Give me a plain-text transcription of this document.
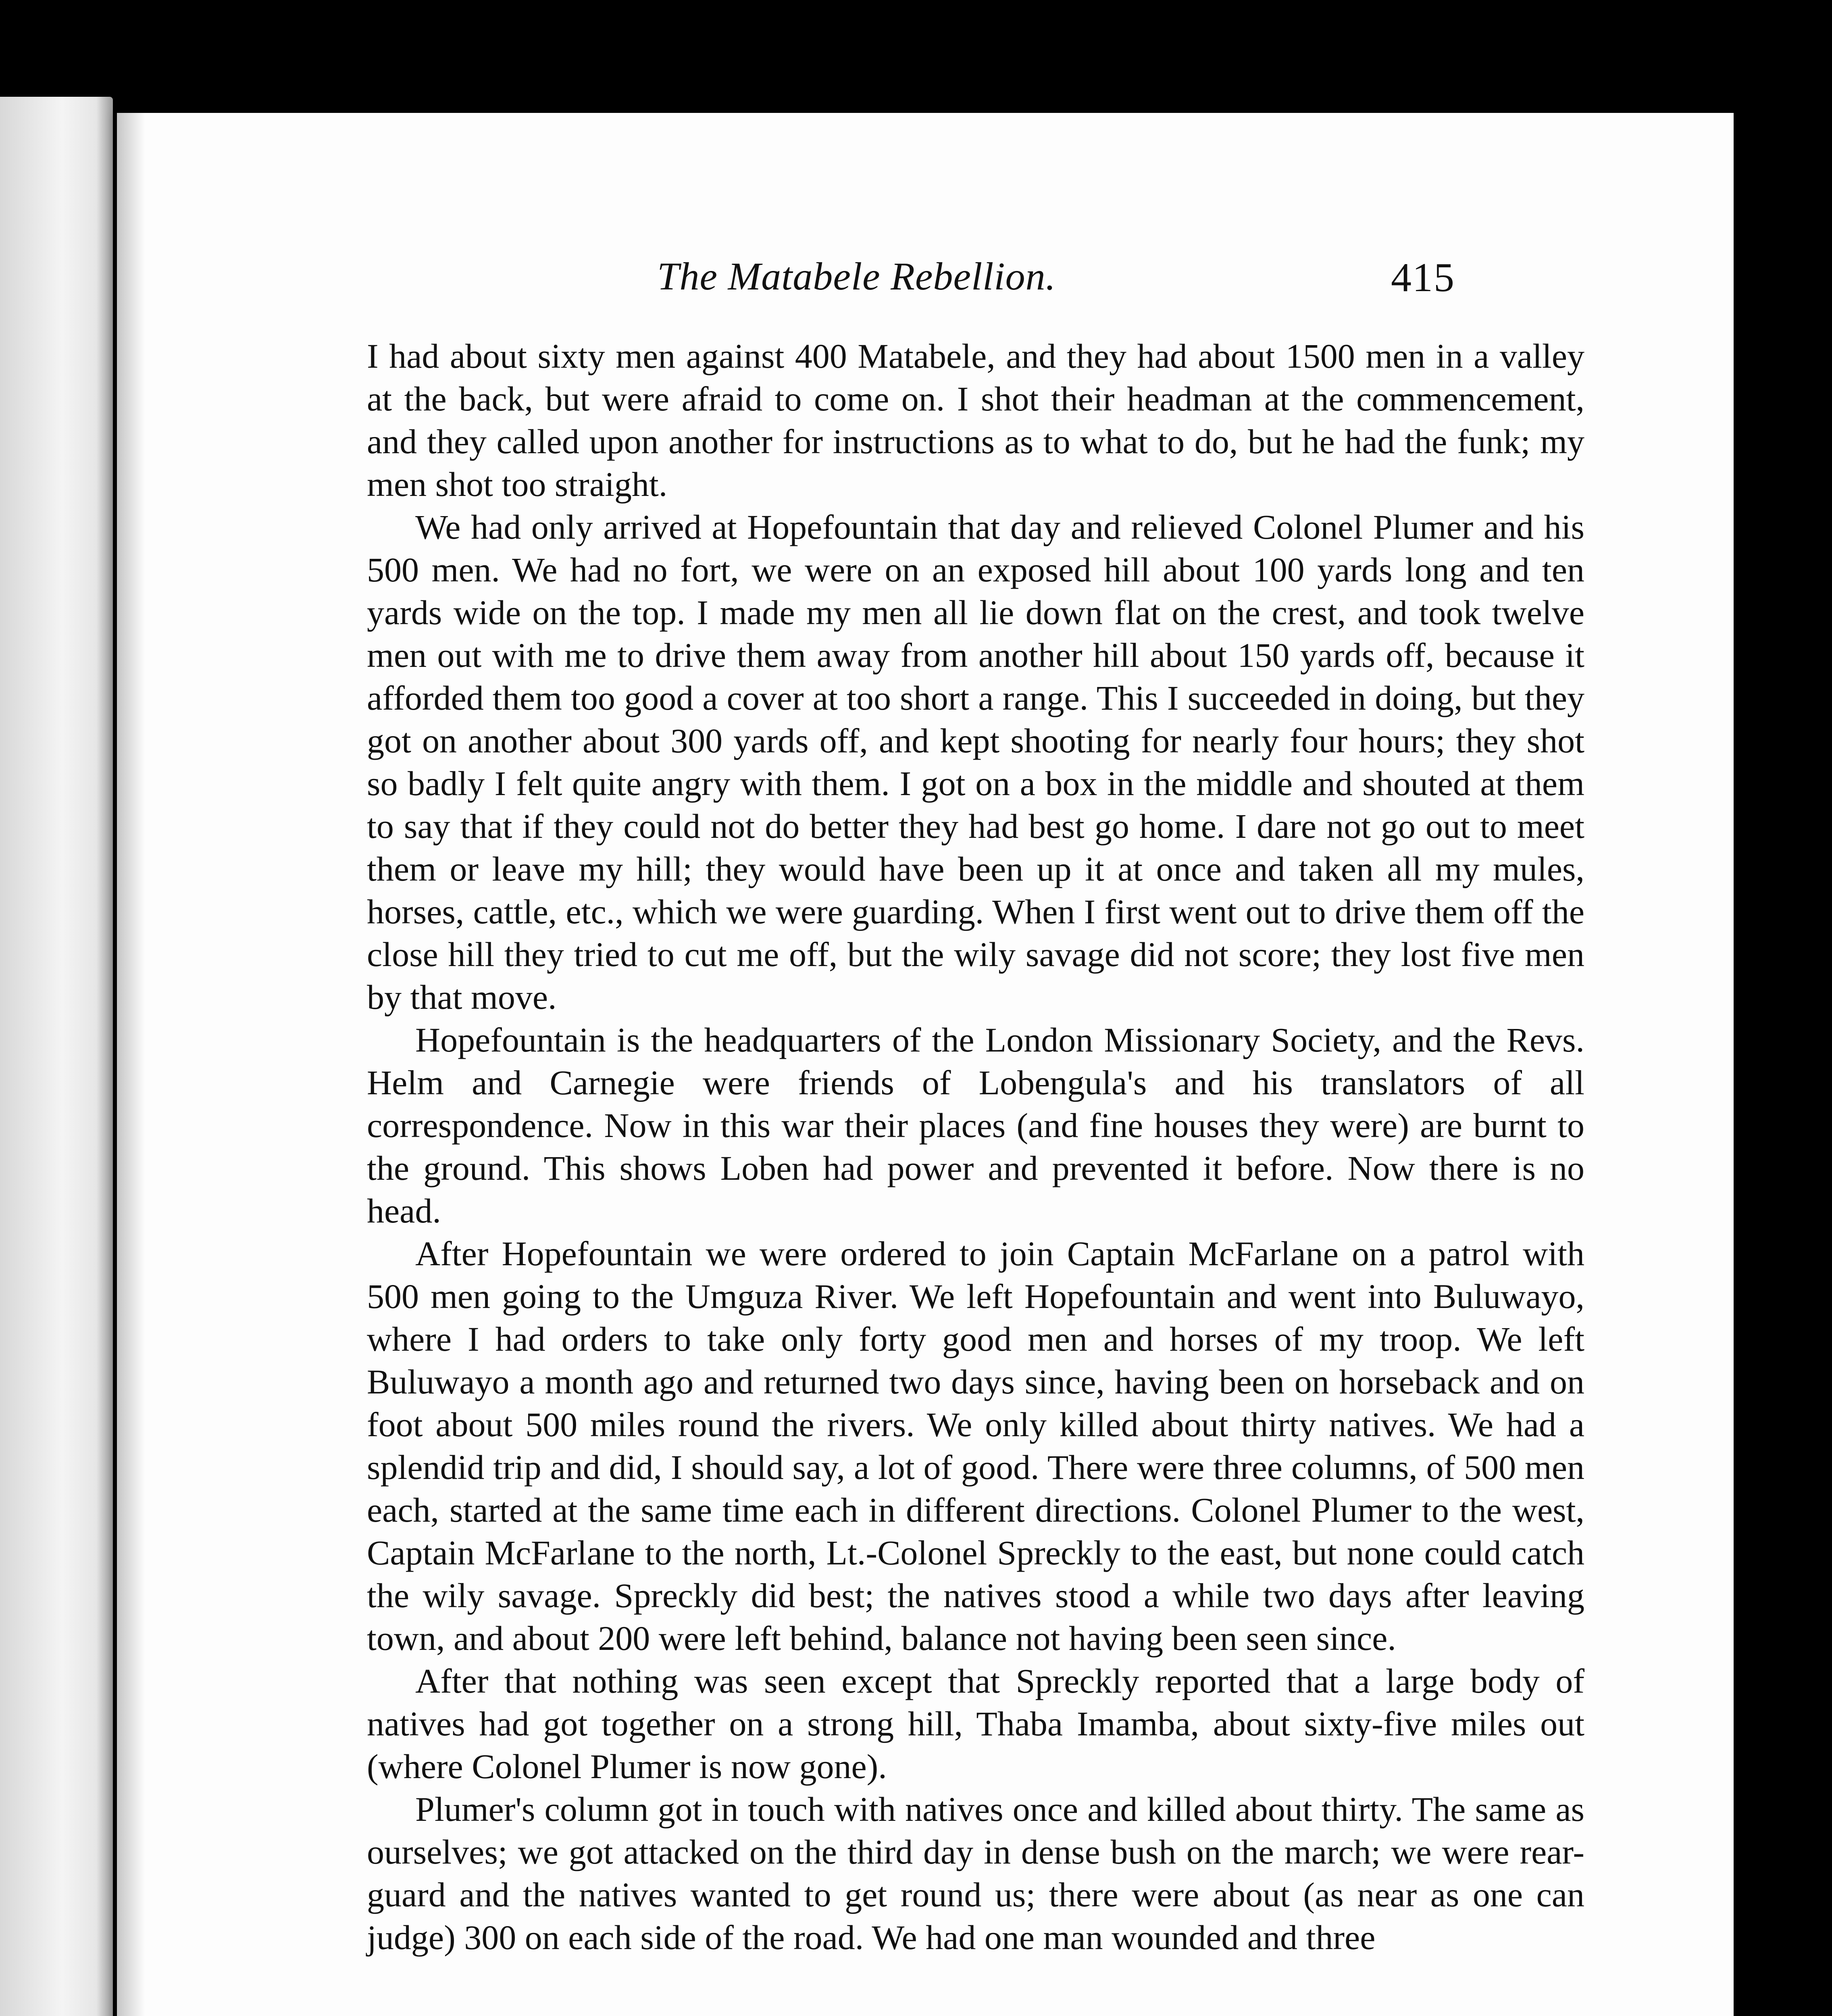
The Matabele Rebellion.	415

I had about sixty men against 400 Matabele, and they had about 1500 men in a valley at the back, but were afraid to come on. I shot their headman at the commencement, and they called upon another for instructions as to what to do, but he had the funk; my men shot too straight.

We had only arrived at Hopefountain that day and relieved Colonel Plumer and his 500 men. We had no fort, we were on an exposed hill about 100 yards long and ten yards wide on the top. I made my men all lie down flat on the crest, and took twelve men out with me to drive them away from another hill about 150 yards off, because it afforded them too good a cover at too short a range. This I succeeded in doing, but they got on another about 300 yards off, and kept shooting for nearly four hours; they shot so badly I felt quite angry with them. I got on a box in the middle and shouted at them to say that if they could not do better they had best go home. I dare not go out to meet them or leave my hill; they would have been up it at once and taken all my mules, horses, cattle, etc., which we were guarding. When I first went out to drive them off the close hill they tried to cut me off, but the wily savage did not score; they lost five men by that move.

Hopefountain is the headquarters of the London Missionary Society, and the Revs. Helm and Carnegie were friends of Lobengula's and his translators of all correspondence. Now in this war their places (and fine houses they were) are burnt to the ground. This shows Loben had power and prevented it before. Now there is no head.

After Hopefountain we were ordered to join Captain McFarlane on a patrol with 500 men going to the Umguza River. We left Hopefountain and went into Buluwayo, where I had orders to take only forty good men and horses of my troop. We left Buluwayo a month ago and returned two days since, having been on horseback and on foot about 500 miles round the rivers. We only killed about thirty natives. We had a splendid trip and did, I should say, a lot of good. There were three columns, of 500 men each, started at the same time each in different directions. Colonel Plumer to the west, Captain McFarlane to the north, Lt.-Colonel Spreckly to the east, but none could catch the wily savage. Spreckly did best; the natives stood a while two days after leaving town, and about 200 were left behind, balance not having been seen since.

After that nothing was seen except that Spreckly reported that a large body of natives had got together on a strong hill, Thaba Imamba, about sixty-five miles out (where Colonel Plumer is now gone).

Plumer's column got in touch with natives once and killed about thirty. The same as ourselves; we got attacked on the third day in dense bush on the march; we were rear-guard and the natives wanted to get round us; there were about (as near as one can judge) 300 on each side of the road. We had one man wounded and three
